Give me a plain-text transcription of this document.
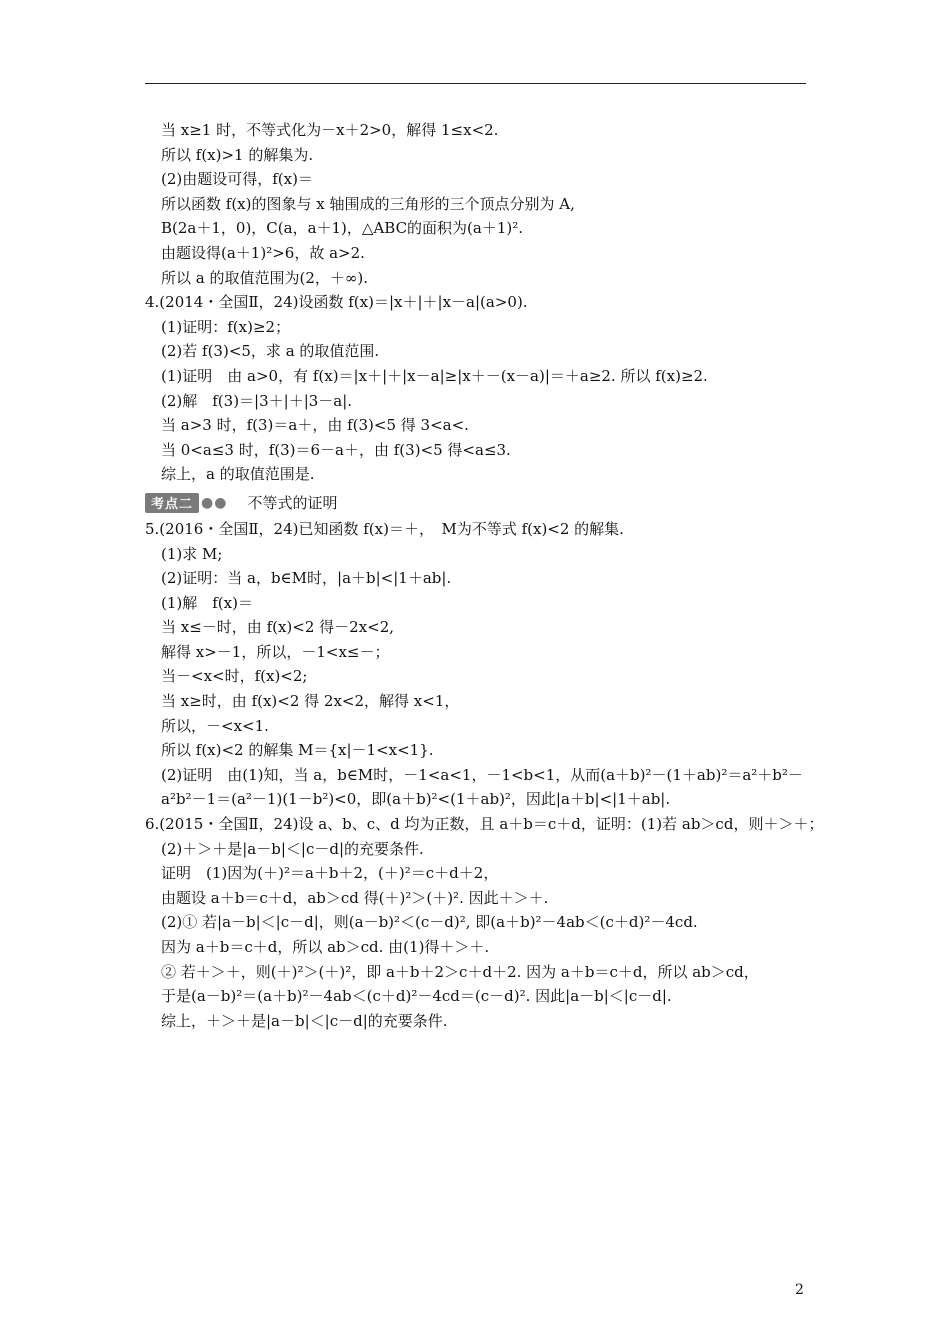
当 x≥1 时，不等式化为－x＋2>0，解得 1≤x<2.
所以 f(x)>1 的解集为.
(2)由题设可得，f(x)＝
所以函数 f(x)的图象与 x 轴围成的三角形的三个顶点分别为 A,
B(2a＋1，0)，C(a，a＋1)，△ABC的面积为(a＋1)².
由题设得(a＋1)²>6，故 a>2.
所以 a 的取值范围为(2，＋∞).
4.(2014・全国Ⅱ，24)设函数 f(x)＝|x＋|＋|x－a|(a>0).
(1)证明：f(x)≥2；
(2)若 f(3)<5，求 a 的取值范围.
(1)证明　由 a>0，有 f(x)＝|x＋|＋|x－a|≥|x＋－(x－a)|＝＋a≥2. 所以 f(x)≥2.
(2)解　f(3)＝|3＋|＋|3－a|.
当 a>3 时，f(3)＝a＋，由 f(3)<5 得 3<a<.
当 0<a≤3 时，f(3)＝6－a＋，由 f(3)<5 得<a≤3.
综上，a 的取值范围是.
考点二 ●● 不等式的证明
5.(2016・全国Ⅱ，24)已知函数 f(x)＝＋，　M为不等式 f(x)<2 的解集.
(1)求 M;
(2)证明：当 a，b∈M时，|a＋b|<|1＋ab|.
(1)解　f(x)＝
当 x≤－时，由 f(x)<2 得－2x<2,
解得 x>－1，所以，－1<x≤－；
当－<x<时，f(x)<2;
当 x≥时，由 f(x)<2 得 2x<2，解得 x<1，
所以，－<x<1.
所以 f(x)<2 的解集 M＝{x|－1<x<1}.
(2)证明　由(1)知，当 a，b∈M时，－1<a<1，－1<b<1，从而(a＋b)²－(1＋ab)²＝a²＋b²－
a²b²－1＝(a²－1)(1－b²)<0，即(a＋b)²<(1＋ab)²，因此|a＋b|<|1＋ab|.
6.(2015・全国Ⅱ，24)设 a、b、c、d 均为正数，且 a＋b＝c＋d，证明：(1)若 ab＞cd，则＋＞＋；
(2)＋＞＋是|a－b|＜|c－d|的充要条件.
证明　(1)因为(＋)²＝a＋b＋2，(＋)²＝c＋d＋2，
由题设 a＋b＝c＋d，ab＞cd 得(＋)²＞(＋)². 因此＋＞＋.
(2)① 若|a－b|＜|c－d|，则(a－b)²＜(c－d)², 即(a＋b)²－4ab＜(c＋d)²－4cd.
因为 a＋b＝c＋d，所以 ab＞cd. 由(1)得＋＞＋.
② 若＋＞＋，则(＋)²＞(＋)²，即 a＋b＋2＞c＋d＋2. 因为 a＋b＝c＋d，所以 ab＞cd，
于是(a－b)²＝(a＋b)²－4ab＜(c＋d)²－4cd＝(c－d)². 因此|a－b|＜|c－d|.
综上，＋＞＋是|a－b|＜|c－d|的充要条件.
2
